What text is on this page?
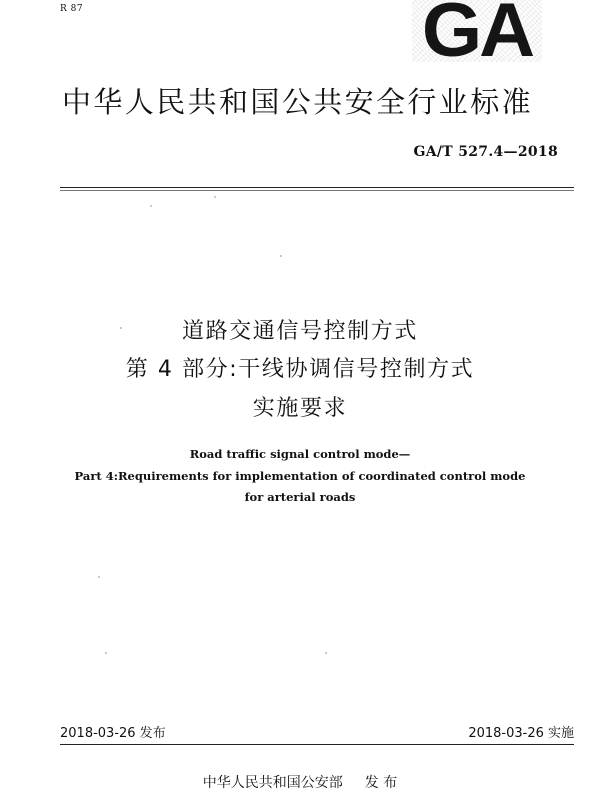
R 87	GA
中华人民共和国公共安全行业标准
GA/T 527.4—2018
道路交通信号控制方式
第 4 部分:干线协调信号控制方式
实施要求
Road traffic signal control mode—
Part 4:Requirements for implementation of coordinated control mode
for arterial roads
2018-03-26 发布	2018-03-26 实施
中华人民共和国公安部 发 布
